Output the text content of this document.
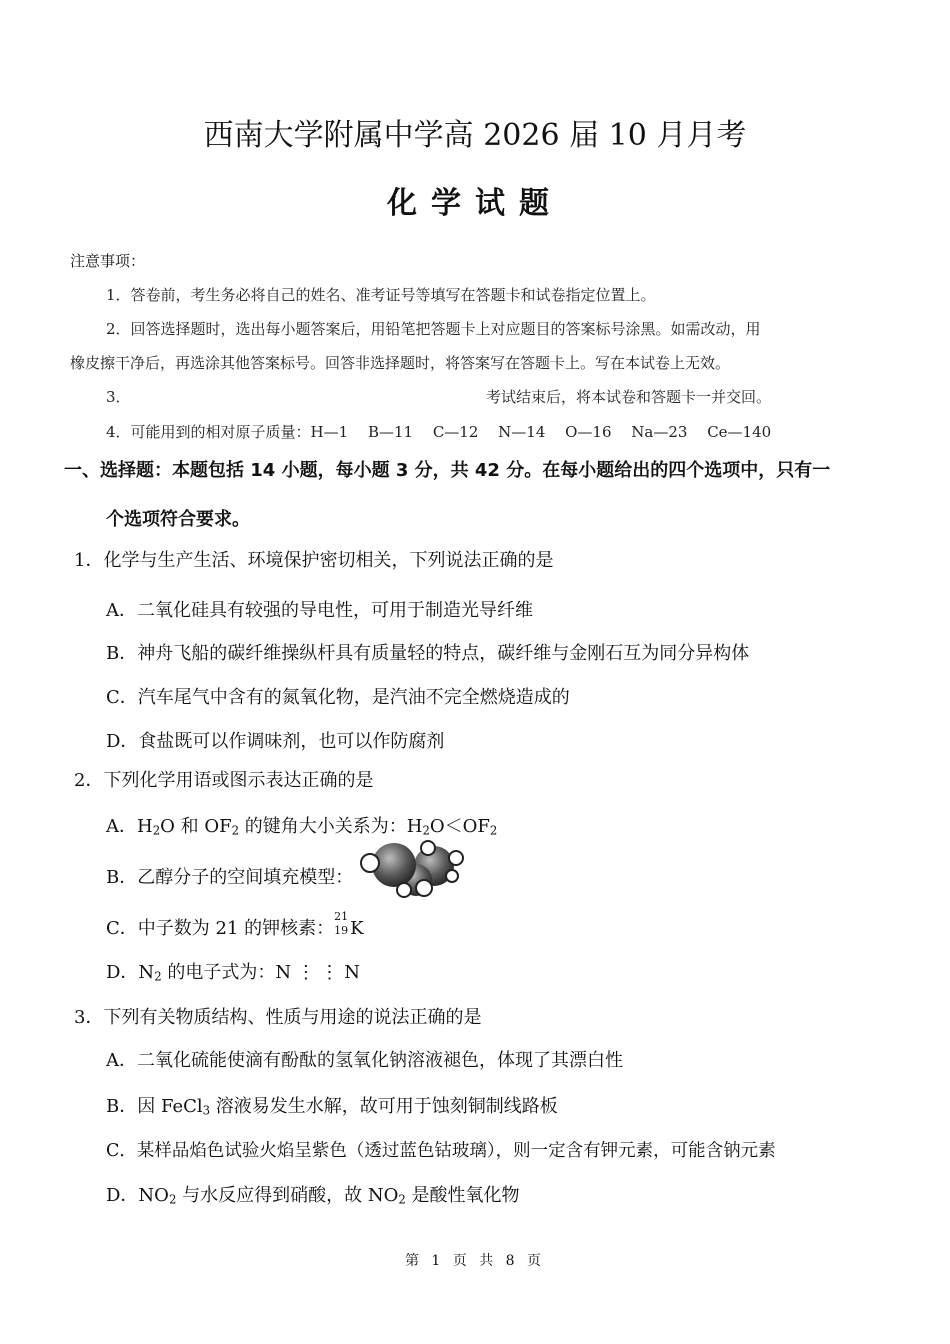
西南大学附属中学高 2026 届 10 月月考
化学试题
注意事项：
1．答卷前，考生务必将自己的姓名、准考证号等填写在答题卡和试卷指定位置上。
2．回答选择题时，选出每小题答案后，用铅笔把答题卡上对应题目的答案标号涂黑。如需改动，用
橡皮擦干净后，再选涂其他答案标号。回答非选择题时，将答案写在答题卡上。写在本试卷上无效。
3．	考试结束后，将本试卷和答题卡一并交回。
4．可能用到的相对原子质量：H—1　 B—11　 C—12　 N—14　 O—16　 Na—23　 Ce—140
一、选择题：本题包括 14 小题，每小题 3 分，共 42 分。在每小题给出的四个选项中，只有一
个选项符合要求。
1．化学与生产生活、环境保护密切相关，下列说法正确的是
A．二氧化硅具有较强的导电性，可用于制造光导纤维
B．神舟飞船的碳纤维操纵杆具有质量轻的特点，碳纤维与金刚石互为同分异构体
C．汽车尾气中含有的氮氧化物，是汽油不完全燃烧造成的
D．食盐既可以作调味剂，也可以作防腐剂
2．下列化学用语或图示表达正确的是
A．$H_2O$ 和 $OF_2$ 的键角大小关系为：$H_2O<OF_2$
B．乙醇分子的空间填充模型：
C．中子数为 21 的钾核素：
21
19 K
D．$N_2$ 的电子式为：N ⋮ ⋮ N
3．下列有关物质结构、性质与用途的说法正确的是
A．二氧化硫能使滴有酚酞的氢氧化钠溶液褪色，体现了其漂白性
B．因 FeCl$_3$ 溶液易发生水解，故可用于蚀刻铜制线路板
C．某样品焰色试验火焰呈紫色（透过蓝色钴玻璃），则一定含有钾元素，可能含钠元素
D．$NO_2$ 与水反应得到硝酸，故 $NO_2$ 是酸性氧化物
第 1 页 共 8 页
